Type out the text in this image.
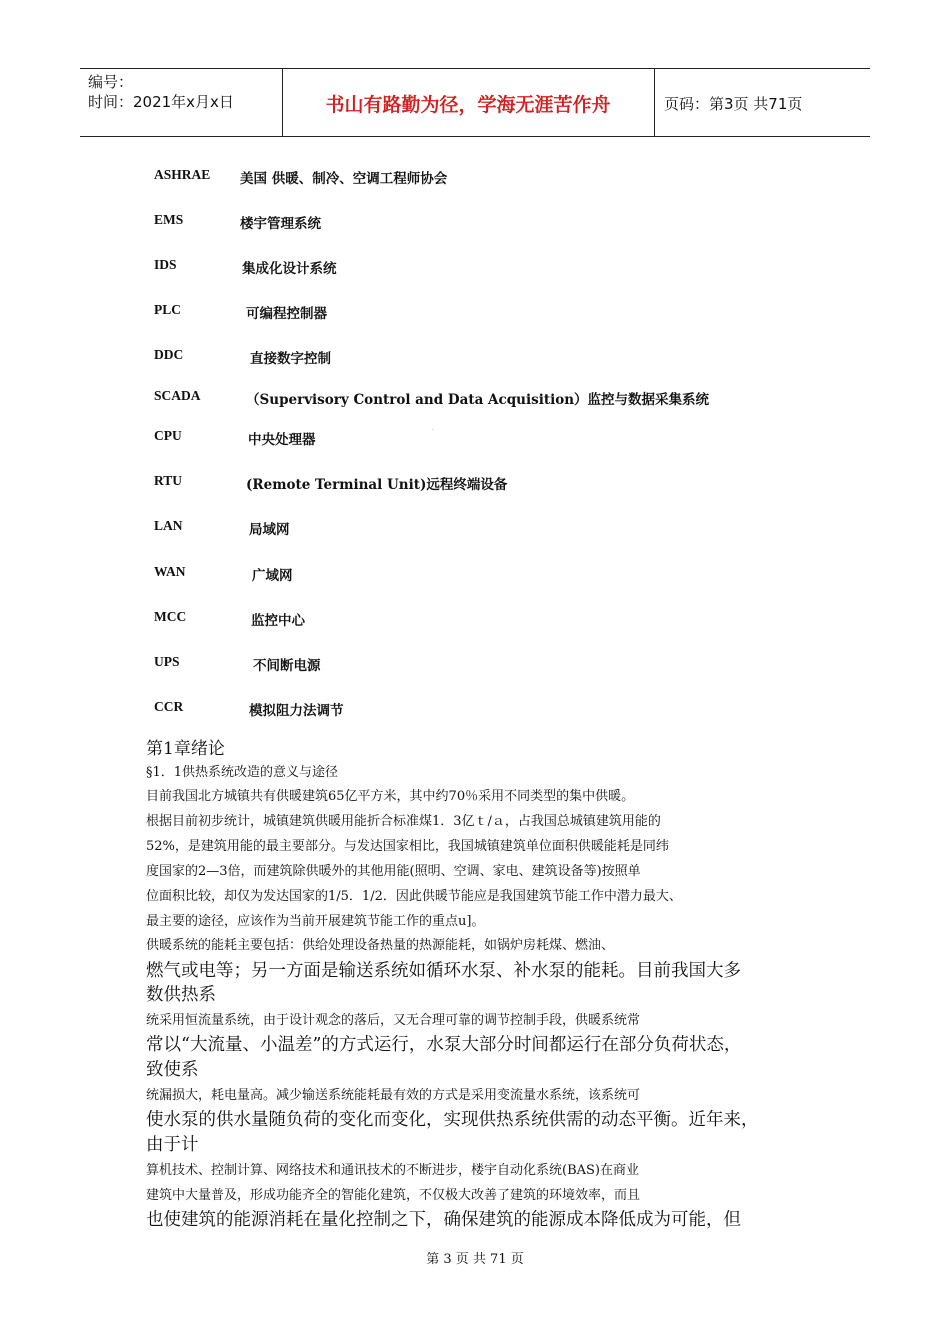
编号：
时间：2021年x月x日	书山有路勤为径，学海无涯苦作舟	页码：第3页 共71页
ASHRAE 美国 供暖、制冷、空调工程师协会
EMS	楼宇管理系统
IDS	集成化设计系统
PLC	可编程控制器
DDC	直接数字控制
SCADA	（Supervisory Control and Data Acquisition）监控与数据采集系统
CPU	中央处理器
RTU	(Remote Terminal Unit)远程终端设备
LAN	局域网
WAN	广域网
MCC	监控中心
UPS	不间断电源
CCR	模拟阻力法调节
·
第1章绪论
§1．1供热系统改造的意义与途径
目前我国北方城镇共有供暖建筑65亿平方米，其中约70％采用不同类型的集中供暖。
根据目前初步统计，城镇建筑供暖用能折合标准煤1．3亿ｔ/ａ，占我国总城镇建筑用能的
52%，是建筑用能的最主要部分。与发达国家相比，我国城镇建筑单位面积供暖能耗是同纬
度国家的2—3倍，而建筑除供暖外的其他用能(照明、空调、家电、建筑设备等)按照单
位面积比较，却仅为发达国家的1/5．1/2．因此供暖节能应是我国建筑节能工作中潜力最大、
最主要的途径，应该作为当前开展建筑节能工作的重点u]。
供暖系统的能耗主要包括：供给处理设备热量的热源能耗，如锅炉房耗煤、燃油、
燃气或电等；另一方面是输送系统如循环水泵、补水泵的能耗。目前我国大多
数供热系
统采用恒流量系统，由于设计观念的落后，又无合理可靠的调节控制手段，供暖系统常
常以“大流量、小温差”的方式运行，水泵大部分时间都运行在部分负荷状态，
致使系
统漏损大，耗电量高。减少输送系统能耗最有效的方式是采用变流量水系统，该系统可
使水泵的供水量随负荷的变化而变化，实现供热系统供需的动态平衡。近年来，
由于计
算机技术、控制计算、网络技术和通讯技术的不断进步，楼宇自动化系统(BAS)在商业
建筑中大量普及，形成功能齐全的智能化建筑，不仅极大改善了建筑的环境效率，而且
也使建筑的能源消耗在量化控制之下，确保建筑的能源成本降低成为可能，但
第 3 页 共 71 页
